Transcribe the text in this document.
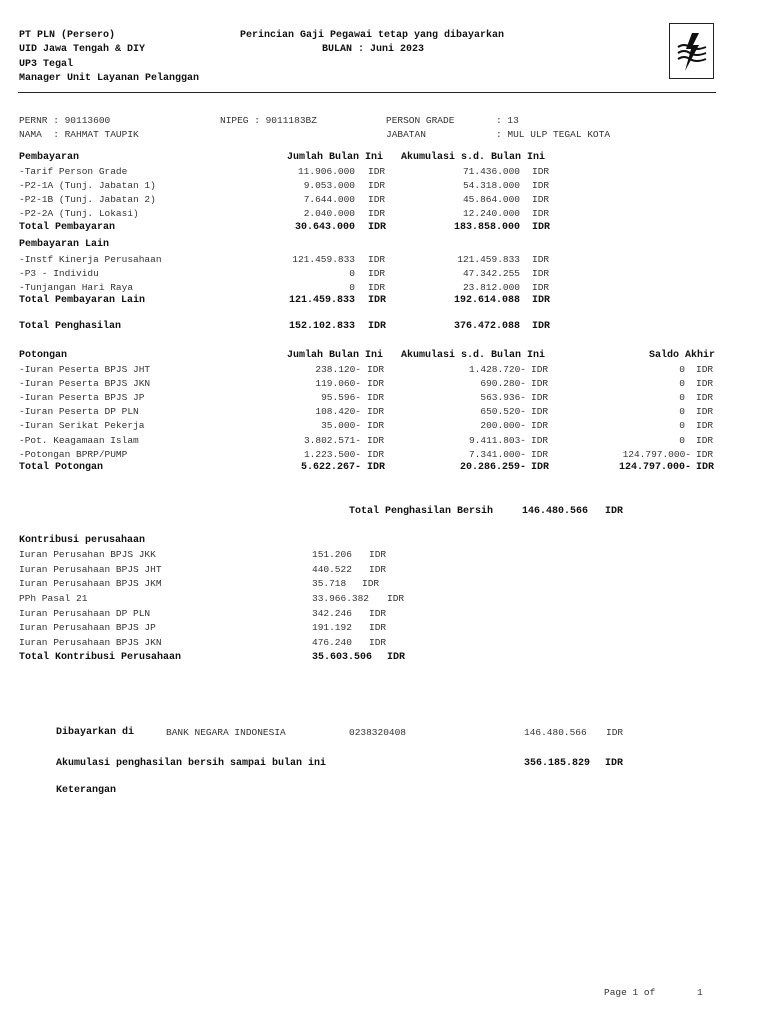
PT PLN (Persero)
UID Jawa Tengah & DIY
UP3 Tegal
Manager Unit Layanan Pelanggan
Perincian Gaji Pegawai tetap yang dibayarkan
BULAN : Juni 2023
PERNR : 90113600	NIPEG : 9011183BZ	PERSON GRADE	: 13
NAMA  : RAHMAT TAUPIK	JABATAN	: MUL ULP TEGAL KOTA
Pembayaran	Jumlah Bulan Ini Akumulasi s.d. Bulan Ini
-Tarif Person Grade	11.906.000 IDR	71.436.000 IDR
-P2-1A (Tunj. Jabatan 1)	9.053.000 IDR	54.318.000 IDR
-P2-1B (Tunj. Jabatan 2)	7.644.000 IDR	45.864.000 IDR
-P2-2A (Tunj. Lokasi)	2.040.000 IDR	12.240.000 IDR
Total Pembayaran	30.643.000 IDR	183.858.000 IDR
Pembayaran Lain
-Instf Kinerja Perusahaan	121.459.833 IDR	121.459.833 IDR
-P3 - Individu	0 IDR	47.342.255 IDR
-Tunjangan Hari Raya	0 IDR	23.812.000 IDR
Total Pembayaran Lain	121.459.833 IDR	192.614.088 IDR
Total Penghasilan	152.102.833 IDR	376.472.088 IDR
Potongan	Jumlah Bulan Ini Akumulasi s.d. Bulan Ini	Saldo Akhir
-Iuran Peserta BPJS JHT	238.120- IDR	1.428.720- IDR	0 IDR
-Iuran Peserta BPJS JKN	119.060- IDR	690.280- IDR	0 IDR
-Iuran Peserta BPJS JP	95.596- IDR	563.936- IDR	0 IDR
-Iuran Peserta DP PLN	108.420- IDR	650.520- IDR	0 IDR
-Iuran Serikat Pekerja	35.000- IDR	200.000- IDR	0 IDR
-Pot. Keagamaan Islam	3.802.571- IDR	9.411.803- IDR	0 IDR
-Potongan BPRP/PUMP	1.223.500- IDR	7.341.000- IDR	124.797.000- IDR
Total Potongan	5.622.267- IDR	20.286.259- IDR	124.797.000- IDR
Total Penghasilan Bersih	146.480.566 IDR
Kontribusi perusahaan
Iuran Perusahan BPJS JKK	151.206 IDR
Iuran Perusahaan BPJS JHT	440.522 IDR
Iuran Perusahaan BPJS JKM	35.718 IDR
PPh Pasal 21	33.966.382 IDR
Iuran Perusahaan DP PLN	342.246 IDR
Iuran Perusahaan BPJS JP	191.192 IDR
Iuran Perusahaan BPJS JKN	476.240 IDR
Total Kontribusi Perusahaan	35.603.506 IDR
Dibayarkan di	BANK NEGARA INDONESIA	0238320408	146.480.566 IDR
Akumulasi penghasilan bersih sampai bulan ini	356.185.829 IDR
Keterangan
Page 1 of	1
